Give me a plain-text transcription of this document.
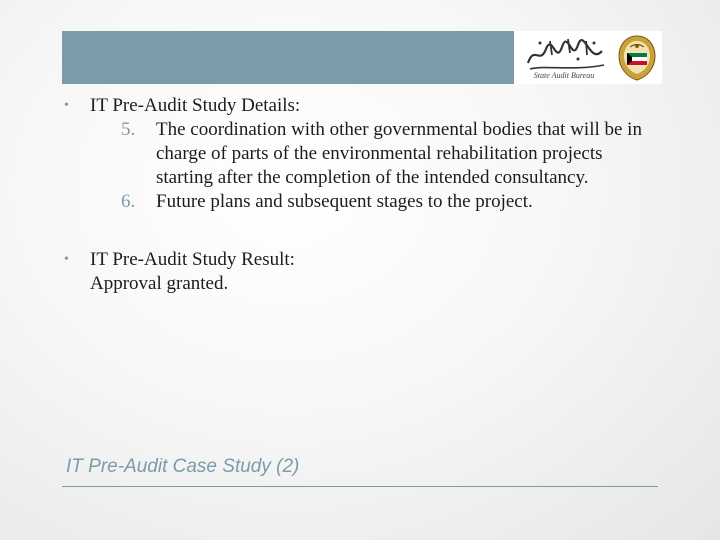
State Audit Bureau
• IT Pre-Audit Study Details:
5. The coordination with other governmental bodies that will be in charge of parts of the environmental rehabilitation projects starting after the completion of the intended consultancy.
6. Future plans and subsequent stages to the project.
• IT Pre-Audit Study Result:
Approval granted.
IT Pre-Audit Case Study (2)
